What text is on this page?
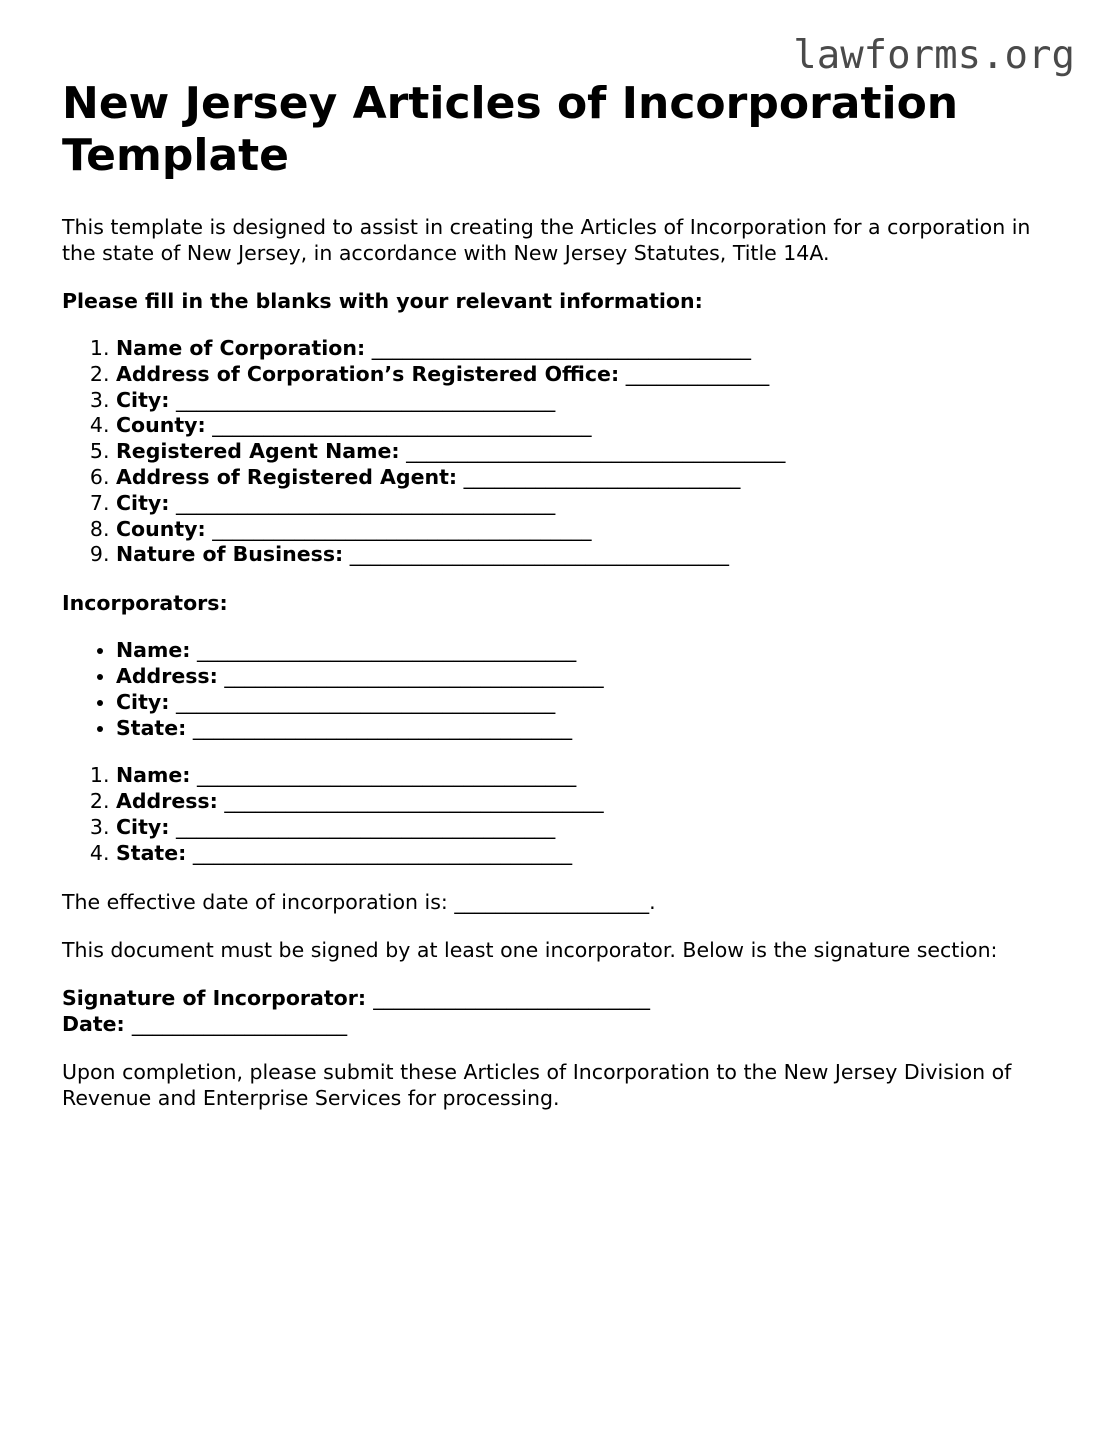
lawforms.org
New Jersey Articles of Incorporation Template

This template is designed to assist in creating the Articles of Incorporation for a corporation in the state of New Jersey, in accordance with New Jersey Statutes, Title 14A.

Please fill in the blanks with your relevant information:

1. Name of Corporation: _____________________________________
2. Address of Corporation’s Registered Office: ______________
3. City: _____________________________________
4. County: _____________________________________
5. Registered Agent Name: _____________________________________
6. Address of Registered Agent: ___________________________
7. City: _____________________________________
8. County: _____________________________________
9. Nature of Business: _____________________________________

Incorporators:

• Name: _____________________________________
• Address: _____________________________________
• City: _____________________________________
• State: _____________________________________
1. Name: _____________________________________
2. Address: _____________________________________
3. City: _____________________________________
4. State: _____________________________________

The effective date of incorporation is: ___________________.

This document must be signed by at least one incorporator. Below is the signature section:

Signature of Incorporator: ___________________________
Date: _____________________

Upon completion, please submit these Articles of Incorporation to the New Jersey Division of Revenue and Enterprise Services for processing.
